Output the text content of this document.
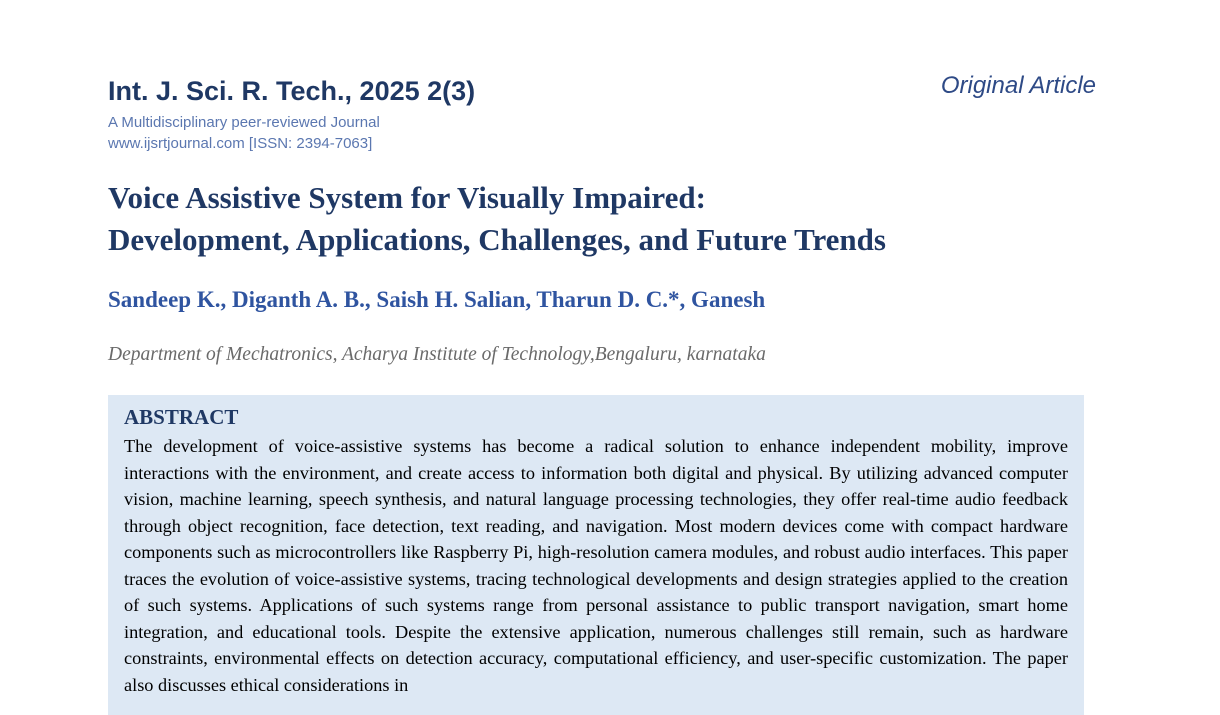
Int. J. Sci. R. Tech., 2025 2(3)	Original Article
A Multidisciplinary peer-reviewed Journal
www.ijsrtjournal.com [ISSN: 2394-7063]
Voice Assistive System for Visually Impaired:
Development, Applications, Challenges, and Future Trends
Sandeep K., Diganth A. B., Saish H. Salian, Tharun D. C.*, Ganesh
Department of Mechatronics, Acharya Institute of Technology,Bengaluru, karnataka
ABSTRACT

The development of voice-assistive systems has become a radical solution to enhance independent mobility, improve interactions with the environment, and create access to information both digital and physical. By utilizing advanced computer vision, machine learning, speech synthesis, and natural language processing technologies, they offer real-time audio feedback through object recognition, face detection, text reading, and navigation. Most modern devices come with compact hardware components such as microcontrollers like Raspberry Pi, high-resolution camera modules, and robust audio interfaces. This paper traces the evolution of voice-assistive systems, tracing technological developments and design strategies applied to the creation of such systems. Applications of such systems range from personal assistance to public transport navigation, smart home integration, and educational tools. Despite the extensive application, numerous challenges still remain, such as hardware constraints, environmental effects on detection accuracy, computational efficiency, and user-specific customization. The paper also discusses ethical considerations in
